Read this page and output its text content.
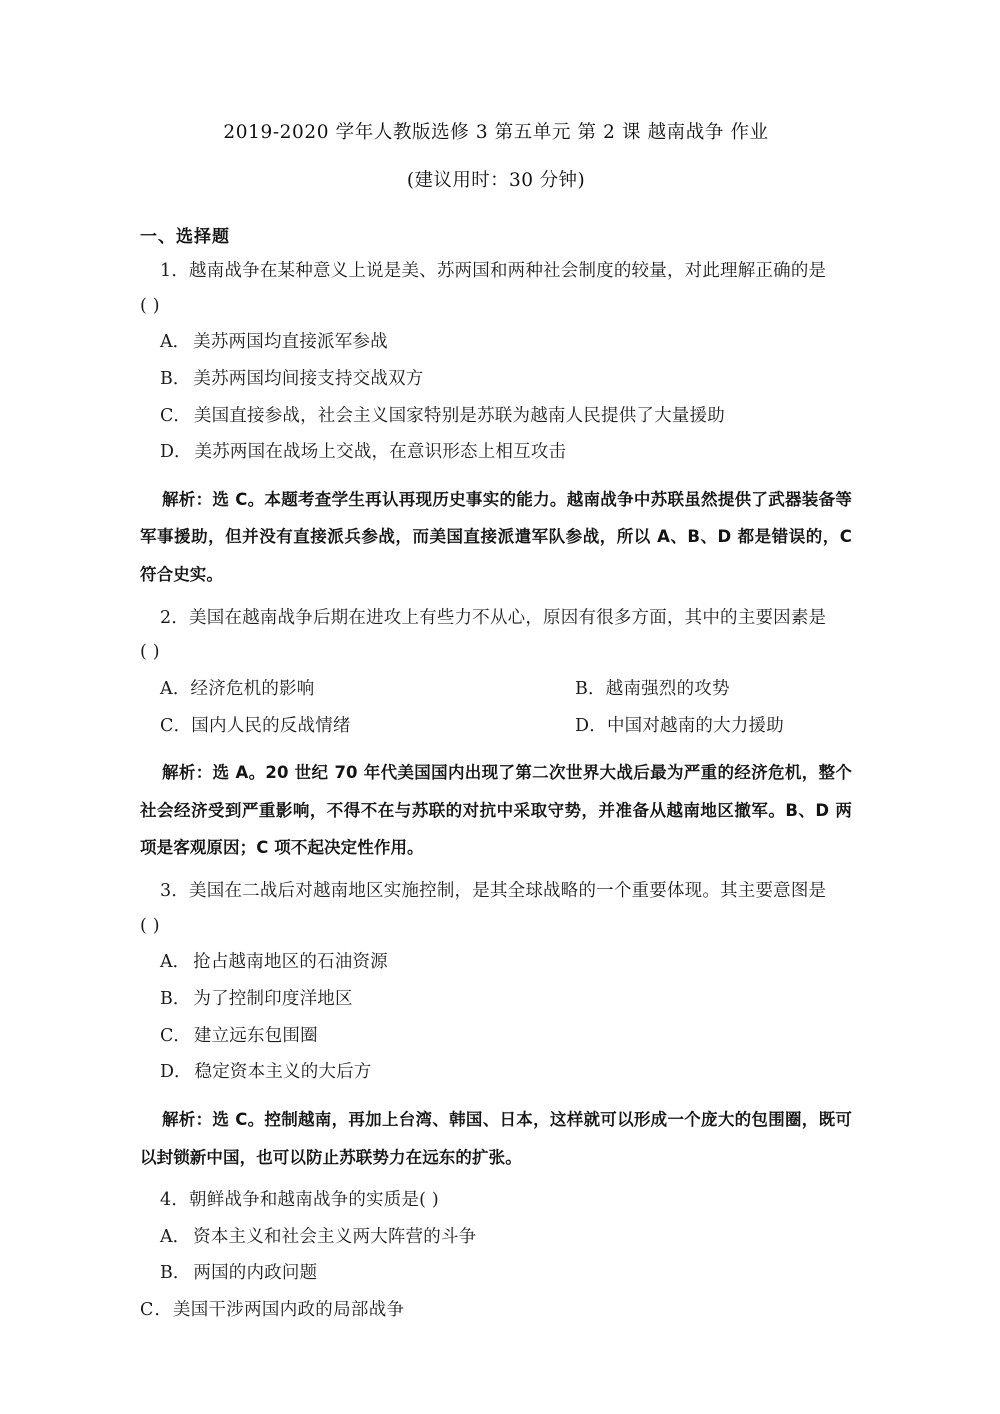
2019-2020 学年人教版选修 3 第五单元 第 2 课 越南战争 作业
(建议用时：30 分钟)
一、选择题

1．越南战争在某种意义上说是美、苏两国和两种社会制度的较量，对此理解正确的是

( )

A． 美苏两国均直接派军参战
B． 美苏两国均间接支持交战双方
C． 美国直接参战，社会主义国家特别是苏联为越南人民提供了大量援助
D． 美苏两国在战场上交战，在意识形态上相互攻击

解析：选 C。本题考查学生再认再现历史事实的能力。越南战争中苏联虽然提供了武器装备等军事援助，但并没有直接派兵参战，而美国直接派遣军队参战，所以 A、B、D 都是错误的，C 符合史实。

2．美国在越南战争后期在进攻上有些力不从心，原因有很多方面，其中的主要因素是

( )

A．经济危机的影响	B．越南强烈的攻势
C．国内人民的反战情绪	D．中国对越南的大力援助

解析：选 A。20 世纪 70 年代美国国内出现了第二次世界大战后最为严重的经济危机，整个社会经济受到严重影响，不得不在与苏联的对抗中采取守势，并准备从越南地区撤军。B、D 两项是客观原因；C 项不起决定性作用。

3．美国在二战后对越南地区实施控制，是其全球战略的一个重要体现。其主要意图是

( )

A． 抢占越南地区的石油资源
B． 为了控制印度洋地区
C． 建立远东包围圈
D． 稳定资本主义的大后方

解析：选 C。控制越南，再加上台湾、韩国、日本，这样就可以形成一个庞大的包围圈，既可以封锁新中国，也可以防止苏联势力在远东的扩张。

4．朝鲜战争和越南战争的实质是( )

A． 资本主义和社会主义两大阵营的斗争
B． 两国的内政问题

C．美国干涉两国内政的局部战争
